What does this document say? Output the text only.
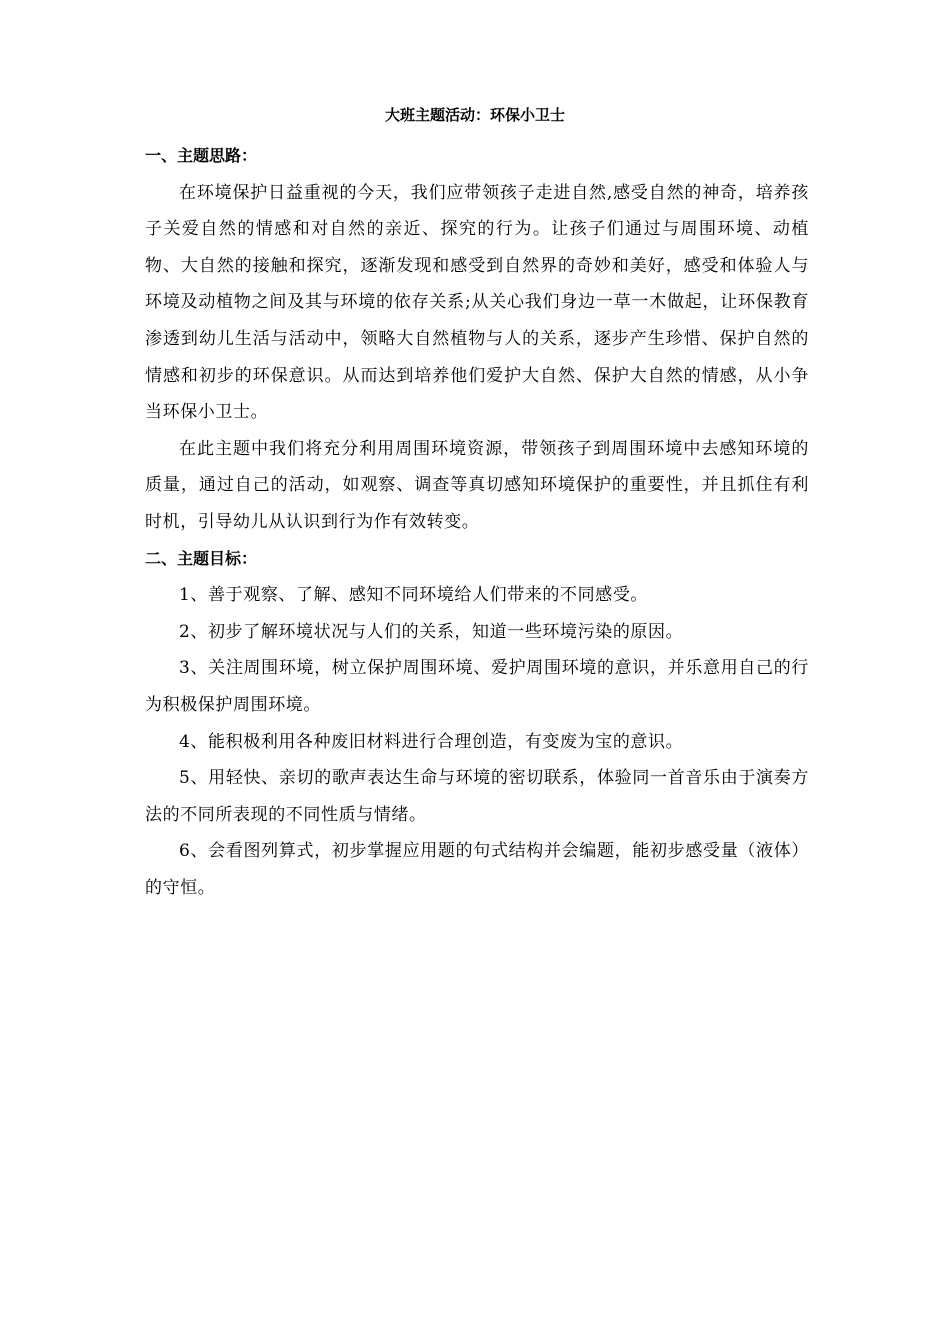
大班主题活动：环保小卫士
一、主题思路：

在环境保护日益重视的今天，我们应带领孩子走进自然,感受自然的神奇，培养孩子关爱自然的情感和对自然的亲近、探究的行为。让孩子们通过与周围环境、动植物、大自然的接触和探究，逐渐发现和感受到自然界的奇妙和美好，感受和体验人与环境及动植物之间及其与环境的依存关系;从关心我们身边一草一木做起，让环保教育渗透到幼儿生活与活动中，领略大自然植物与人的关系，逐步产生珍惜、保护自然的情感和初步的环保意识。从而达到培养他们爱护大自然、保护大自然的情感，从小争当环保小卫士。

在此主题中我们将充分利用周围环境资源，带领孩子到周围环境中去感知环境的质量，通过自己的活动，如观察、调查等真切感知环境保护的重要性，并且抓住有利时机，引导幼儿从认识到行为作有效转变。

二、主题目标：

1、善于观察、了解、感知不同环境给人们带来的不同感受。

2、初步了解环境状况与人们的关系，知道一些环境污染的原因。

3、关注周围环境，树立保护周围环境、爱护周围环境的意识，并乐意用自己的行为积极保护周围环境。

4、能积极利用各种废旧材料进行合理创造，有变废为宝的意识。

5、用轻快、亲切的歌声表达生命与环境的密切联系，体验同一首音乐由于演奏方法的不同所表现的不同性质与情绪。

6、会看图列算式，初步掌握应用题的句式结构并会编题，能初步感受量（液体）的守恒。
